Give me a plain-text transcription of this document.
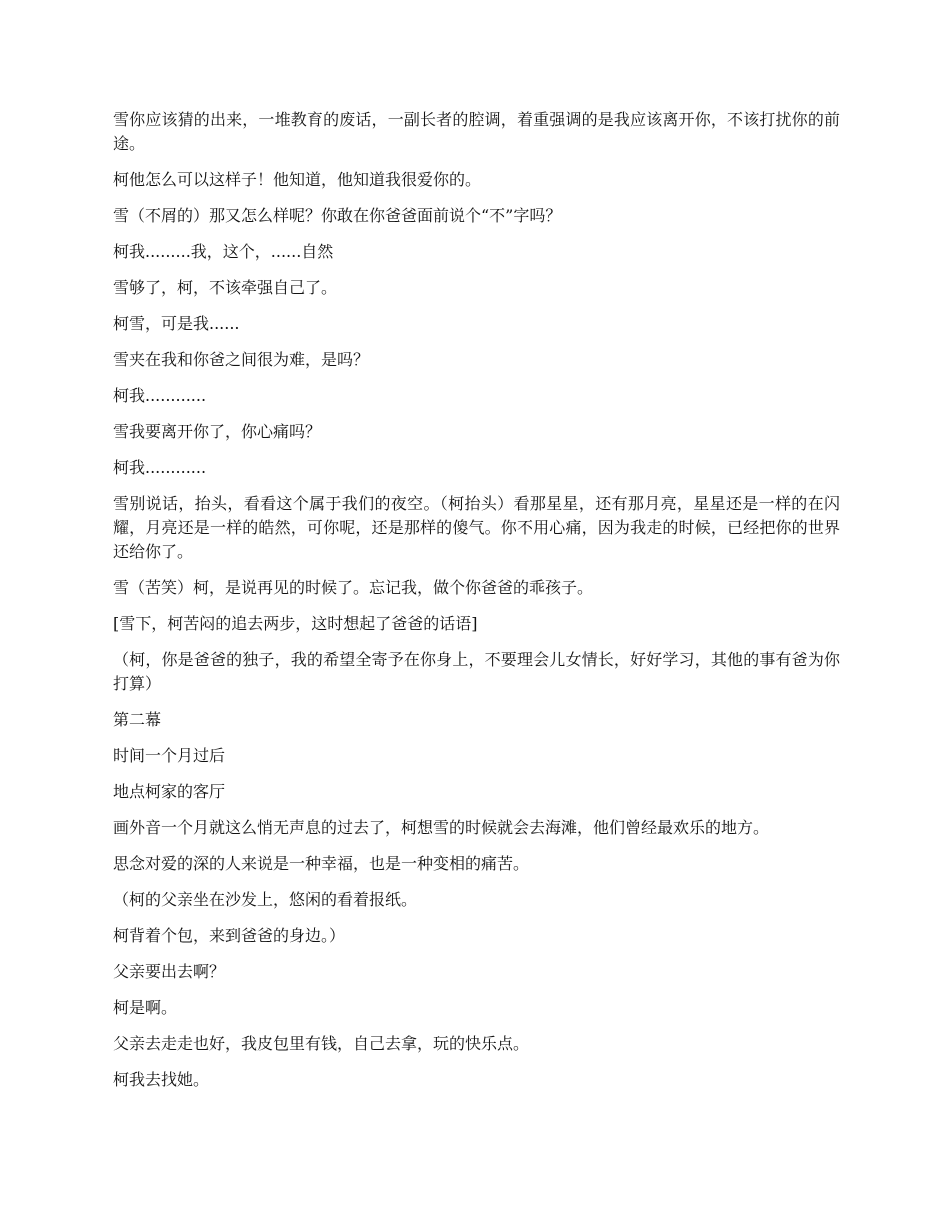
雪你应该猜的出来，一堆教育的废话，一副长者的腔调，着重强调的是我应该离开你，不该打扰你的前途。

柯他怎么可以这样子！他知道，他知道我很爱你的。

雪（不屑的）那又怎么样呢？你敢在你爸爸面前说个“不”字吗？

柯我.........我，这个，......自然

雪够了，柯，不该牵强自己了。

柯雪，可是我......

雪夹在我和你爸之间很为难，是吗？

柯我............

雪我要离开你了，你心痛吗？

柯我............

雪别说话，抬头，看看这个属于我们的夜空。（柯抬头）看那星星，还有那月亮，星星还是一样的在闪耀，月亮还是一样的皓然，可你呢，还是那样的傻气。你不用心痛，因为我走的时候，已经把你的世界还给你了。

雪（苦笑）柯，是说再见的时候了。忘记我，做个你爸爸的乖孩子。

[雪下，柯苦闷的追去两步，这时想起了爸爸的话语]

（柯，你是爸爸的独子，我的希望全寄予在你身上，不要理会儿女情长，好好学习，其他的事有爸为你打算）

第二幕

时间一个月过后

地点柯家的客厅

画外音一个月就这么悄无声息的过去了，柯想雪的时候就会去海滩，他们曾经最欢乐的地方。

思念对爱的深的人来说是一种幸福，也是一种变相的痛苦。

（柯的父亲坐在沙发上，悠闲的看着报纸。

柯背着个包，来到爸爸的身边。）

父亲要出去啊？

柯是啊。

父亲去走走也好，我皮包里有钱，自己去拿，玩的快乐点。

柯我去找她。
